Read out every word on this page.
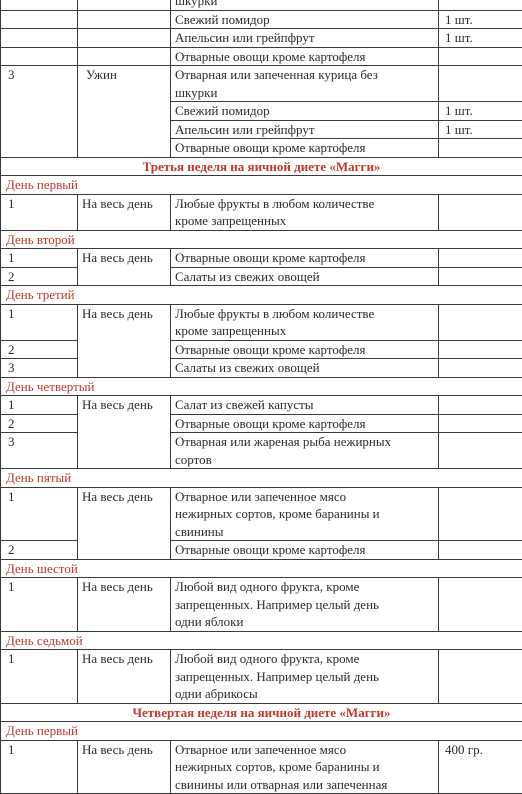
		шкурки	
		Свежий помидор	1 шт.
		Апельсин или грейпфрут	1 шт.
		Отварные овощи кроме картофеля	
3	Ужин	Отварная или запеченная курица без
шкурки	
		Свежий помидор	1 шт.
		Апельсин или грейпфрут	1 шт.
		Отварные овощи кроме картофеля	
Третья неделя на яичной диете «Магги»			
День первый			
1	На весь день	Любые фрукты в любом количестве
кроме запрещенных	
День второй			
1	На весь день	Отварные овощи кроме картофеля	
2		Салаты из свежих овощей	
День третий			
1	На весь день	Любые фрукты в любом количестве
кроме запрещенных	
2		Отварные овощи кроме картофеля	
3		Салаты из свежих овощей	
День четвертый			
1	На весь день	Салат из свежей капусты	
2		Отварные овощи кроме картофеля	
3		Отварная или жареная рыба нежирных
сортов	
День пятый			
1	На весь день	Отварное или запеченное мясо
нежирных сортов, кроме баранины и
свинины	
2		Отварные овощи кроме картофеля	
День шестой			
1	На весь день	Любой вид одного фрукта, кроме
запрещенных. Например целый день
одни яблоки	
День седьмой			
1	На весь день	Любой вид одного фрукта, кроме
запрещенных. Например целый день
одни абрикосы	
Четвертая неделя на яичной диете «Магги»			
День первый			
1	На весь день	Отварное или запеченное мясо
нежирных сортов, кроме баранины и
свинины или отварная или запеченная	400 гр.
